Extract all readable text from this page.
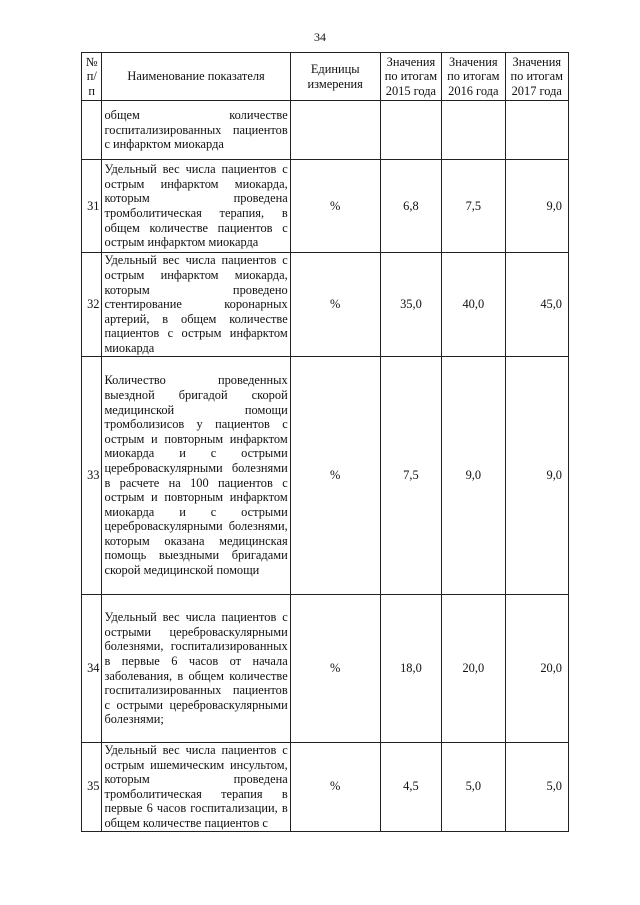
34
№ п/п	Наименование показателя	Единицы измерения	Значения по итогам 2015 года	Значения по итогам 2016 года	Значения по итогам 2017 года
	общем количестве госпитализированных пациентов с инфарктом миокарда				
31	Удельный вес числа пациентов с острым инфарктом миокарда, которым проведена тромболитическая терапия, в общем количестве пациентов с острым инфарктом миокарда	%	6,8	7,5	9,0
32	Удельный вес числа пациентов с острым инфарктом миокарда, которым проведено стентирование коронарных артерий, в общем количестве пациентов с острым инфарктом миокарда	%	35,0	40,0	45,0
33	Количество проведенных выездной бригадой скорой медицинской помощи тромболизисов у пациентов с острым и повторным инфарктом миокарда и с острыми цереброваскулярными болезнями в расчете на 100 пациентов с острым и повторным инфарктом миокарда и с острыми цереброваскулярными болезнями, которым оказана медицинская помощь выездными бригадами скорой медицинской помощи	%	7,5	9,0	9,0
34	Удельный вес числа пациентов с острыми цереброваскулярными болезнями, госпитализированных в первые 6 часов от начала заболевания, в общем количестве госпитализированных пациентов с острыми цереброваскулярными болезнями;	%	18,0	20,0	20,0
35	Удельный вес числа пациентов с острым ишемическим инсультом, которым проведена тромболитическая терапия в первые 6 часов госпитализации, в общем количестве пациентов с	%	4,5	5,0	5,0
